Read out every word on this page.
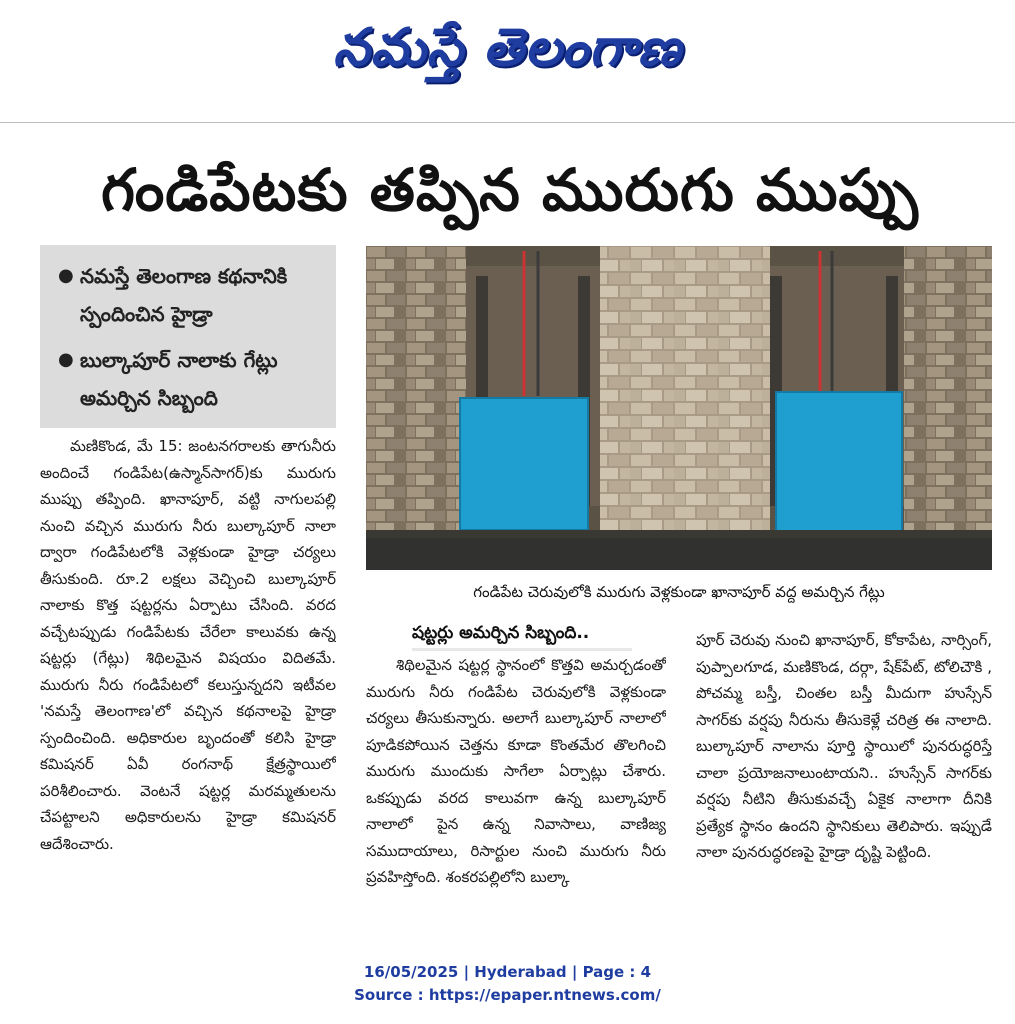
నమస్తే తెలంగాణ
గండిపేటకు తప్పిన మురుగు ముప్పు
● నమస్తే తెలంగాణ కథనానికి స్పందించిన హైడ్రా
● బుల్కాపూర్ నాలాకు గేట్లు అమర్చిన సిబ్బంది
గండిపేట చెరువులోకి మురుగు వెళ్లకుండా ఖానాపూర్ వద్ద అమర్చిన గేట్లు

మణికొండ, మే 15: జంటనగరాలకు తాగునీరు అందించే గండిపేట(ఉస్మాన్‌సాగర్)కు మురుగు ముప్పు తప్పింది. ఖానాపూర్, వట్టి నాగులపల్లి నుంచి వచ్చిన మురుగు నీరు బుల్కాపూర్ నాలా ద్వారా గండిపేటలోకి వెళ్లకుండా హైడ్రా చర్యలు తీసుకుంది. రూ.2 లక్షలు వెచ్చించి బుల్కాపూర్ నాలాకు కొత్త షట్టర్లను ఏర్పాటు చేసింది. వరద వచ్చేటప్పుడు గండిపేటకు చేరేలా కాలువకు ఉన్న షట్టర్లు (గేట్లు) శిథిలమైన విషయం విదితమే. మురుగు నీరు గండిపేటలో కలుస్తున్నదని ఇటీవల 'నమస్తే తెలంగాణ'లో వచ్చిన కథనాలపై హైడ్రా స్పందించింది. అధికారుల బృందంతో కలిసి హైడ్రా కమిషనర్ ఏవీ రంగనాథ్ క్షేత్రస్థాయిలో పరిశీలించారు. వెంటనే షట్టర్ల మరమ్మతులను చేపట్టాలని అధికారులను హైడ్రా కమిషనర్ ఆదేశించారు.

షట్టర్లు అమర్చిన సిబ్బంది..

శిథిలమైన షట్టర్ల స్థానంలో కొత్తవి అమర్చడంతో మురుగు నీరు గండిపేట చెరువులోకి వెళ్లకుండా చర్యలు తీసుకున్నారు. అలాగే బుల్కాపూర్ నాలాలో పూడికపోయిన చెత్తను కూడా కొంతమేర తొలగించి మురుగు ముందుకు సాగేలా ఏర్పాట్లు చేశారు. ఒకప్పుడు వరద కాలువగా ఉన్న బుల్కాపూర్ నాలాలో పైన ఉన్న నివాసాలు, వాణిజ్య సముదాయాలు, రిసార్టుల నుంచి మురుగు నీరు ప్రవహిస్తోంది. శంకరపల్లిలోని బుల్కా

పూర్ చెరువు నుంచి ఖానాపూర్, కోకాపేట, నార్సింగ్, పుప్పాలగూడ, మణికొండ, దర్గా, షేక్‌పేట్, టోలిచౌకి , పోచమ్మ బస్తీ, చింతల బస్తీ మీదుగా హుస్సేన్ సాగర్‌కు వర్షపు నీరును తీసుకెళ్లే చరిత్ర ఈ నాలాది. బుల్కాపూర్ నాలాను పూర్తి స్థాయిలో పునరుద్ధరిస్తే చాలా ప్రయోజనాలుంటాయని.. హుస్సేన్ సాగర్‌కు వర్షపు నీటిని తీసుకువచ్చే ఏకైక నాలాగా దీనికి ప్రత్యేక స్థానం ఉందని స్థానికులు తెలిపారు. ఇప్పుడే నాలా పునరుద్ధరణపై హైడ్రా దృష్టి పెట్టింది.

16/05/2025 | Hyderabad | Page : 4
Source : https://epaper.ntnews.com/
